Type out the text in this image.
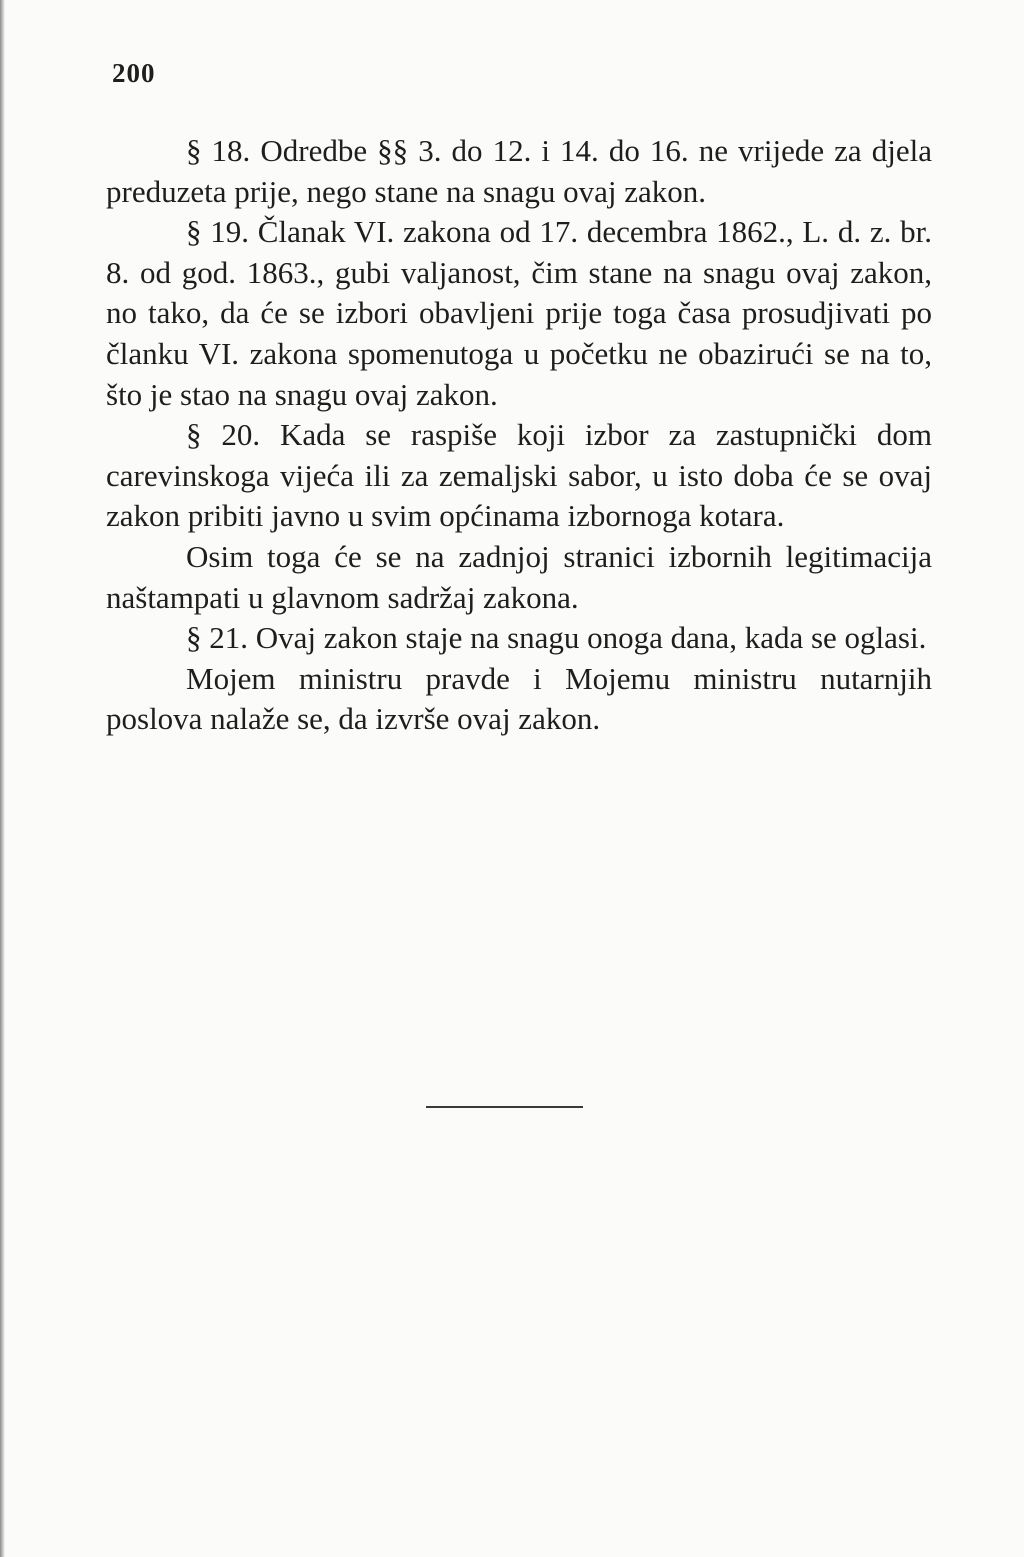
200

§ 18. Odredbe §§ 3. do 12. i 14. do 16. ne vrijede za djela preduzeta prije, nego stane na snagu ovaj zakon.

§ 19. Članak VI. zakona od 17. decembra 1862., L. d. z. br. 8. od god. 1863., gubi valjanost, čim stane na snagu ovaj zakon, no tako, da će se izbori obavljeni prije toga časa prosudjivati po članku VI. zakona spomenutoga u početku ne obazirući se na to, što je stao na snagu ovaj zakon.

§ 20. Kada se raspiše koji izbor za zastupnički dom carevinskoga vijeća ili za zemaljski sabor, u isto doba će se ovaj zakon pribiti javno u svim općinama izbornoga kotara.

Osim toga će se na zadnjoj stranici izbornih legitimacija naštampati u glavnom sadržaj zakona.

§ 21. Ovaj zakon staje na snagu onoga dana, kada se oglasi.

Mojem ministru pravde i Mojemu ministru nutarnjih poslova nalaže se, da izvrše ovaj zakon.
